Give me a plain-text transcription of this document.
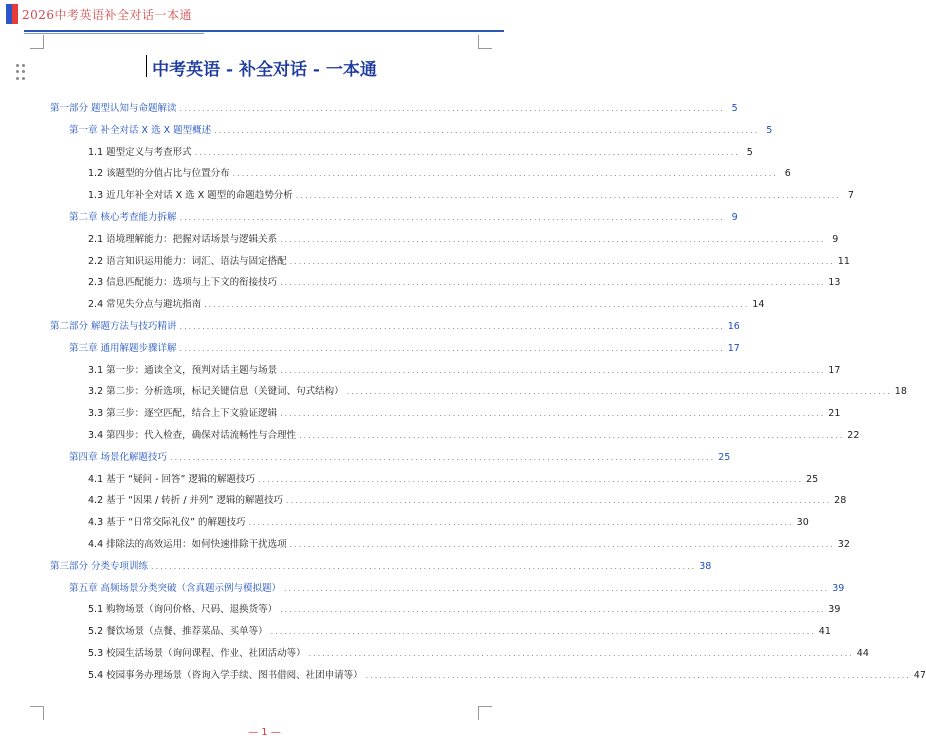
2026中考英语补全对话一本通
中考英语 - 补全对话 - 一本通
第一部分 题型认知与命题解读 ........................................................................................................................ 5
第一章 补全对话 X 选 X 题型概述 ........................................................................................................................ 5
1.1 题型定义与考查形式 ........................................................................................................................ 5
1.2 该题型的分值占比与位置分布 ........................................................................................................................ 6
1.3 近几年补全对话 X 选 X 题型的命题趋势分析 ........................................................................................................................ 7
第二章 核心考查能力拆解 ........................................................................................................................ 9
2.1 语境理解能力：把握对话场景与逻辑关系 ........................................................................................................................ 9
2.2 语言知识运用能力：词汇、语法与固定搭配 ........................................................................................................................ 11
2.3 信息匹配能力：选项与上下文的衔接技巧 ........................................................................................................................ 13
2.4 常见失分点与避坑指南 ........................................................................................................................ 14
第二部分 解题方法与技巧精讲 ........................................................................................................................ 16
第三章 通用解题步骤详解 ........................................................................................................................ 17
3.1 第一步：通读全文，预判对话主题与场景 ........................................................................................................................ 17
3.2 第二步：分析选项，标记关键信息（关键词、句式结构） ........................................................................................................................ 18
3.3 第三步：逐空匹配，结合上下文验证逻辑 ........................................................................................................................ 21
3.4 第四步：代入检查，确保对话流畅性与合理性 ........................................................................................................................ 22
第四章 场景化解题技巧 ........................................................................................................................ 25
4.1 基于 “疑问 - 回答” 逻辑的解题技巧 ........................................................................................................................ 25
4.2 基于 “因果 / 转折 / 并列” 逻辑的解题技巧 ........................................................................................................................ 28
4.3 基于 “日常交际礼仪” 的解题技巧 ........................................................................................................................ 30
4.4 排除法的高效运用：如何快速排除干扰选项 ........................................................................................................................ 32
第三部分 分类专项训练 ........................................................................................................................ 38
第五章 高频场景分类突破（含真题示例与模拟题） ........................................................................................................................ 39
5.1 购物场景（询问价格、尺码、退换货等） ........................................................................................................................ 39
5.2 餐饮场景（点餐、推荐菜品、买单等） ........................................................................................................................ 41
5.3 校园生活场景（询问课程、作业、社团活动等） ........................................................................................................................ 44
5.4 校园事务办理场景（咨询入学手续、图书借阅、社团申请等） ........................................................................................................................ 47
— 1 —
